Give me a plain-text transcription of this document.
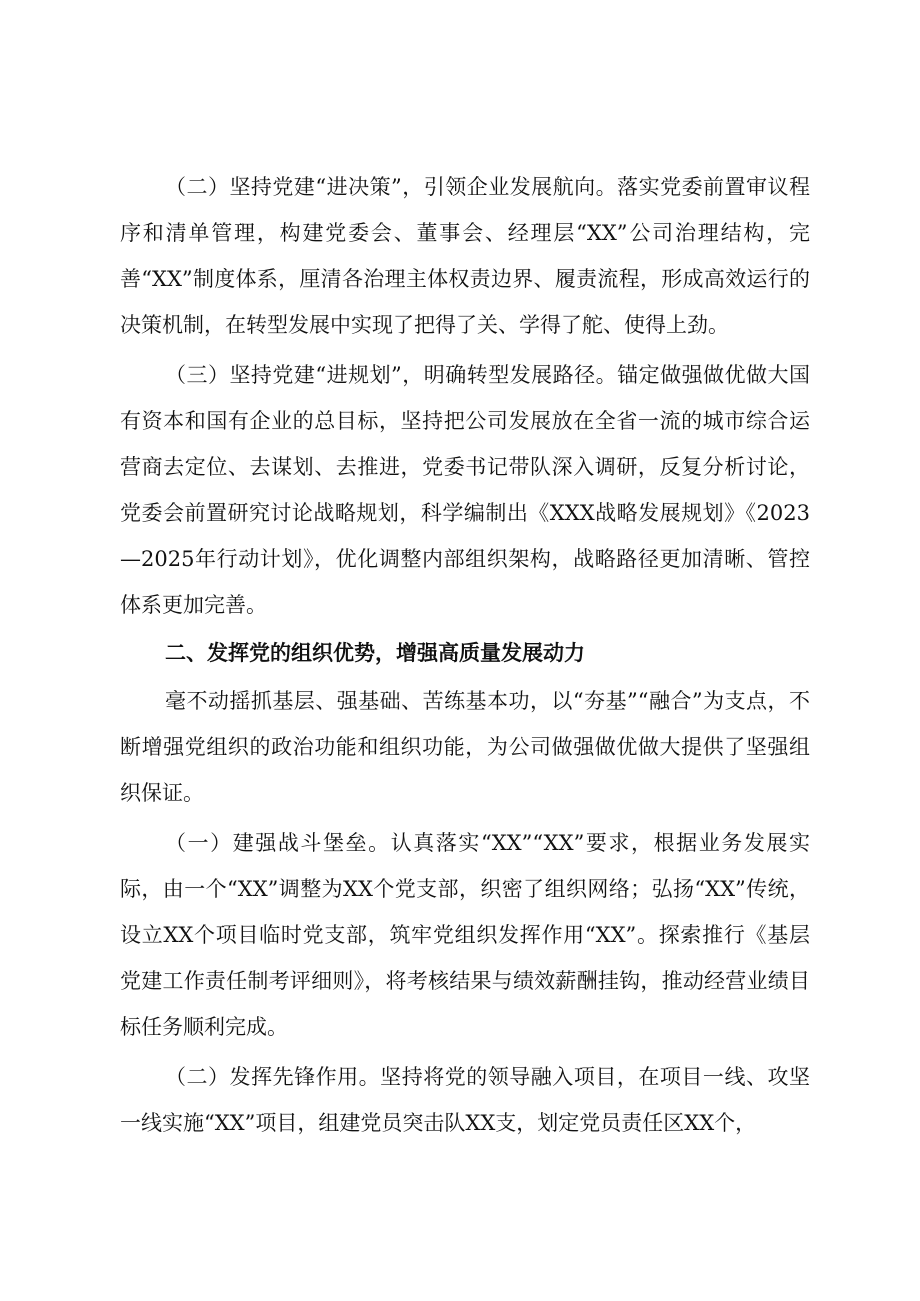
（二）坚持党建“进决策”，引领企业发展航向。落实党委前置审议程序和清单管理，构建党委会、董事会、经理层“XX”公司治理结构，完善“XX”制度体系，厘清各治理主体权责边界、履责流程，形成高效运行的决策机制，在转型发展中实现了把得了关、学得了舵、使得上劲。

（三）坚持党建“进规划”，明确转型发展路径。锚定做强做优做大国有资本和国有企业的总目标，坚持把公司发展放在全省一流的城市综合运营商去定位、去谋划、去推进，党委书记带队深入调研，反复分析讨论，党委会前置研究讨论战略规划，科学编制出《XXX战略发展规划》《2023—2025年行动计划》，优化调整内部组织架构，战略路径更加清晰、管控体系更加完善。

二、发挥党的组织优势，增强高质量发展动力

毫不动摇抓基层、强基础、苦练基本功，以“夯基”“融合”为支点，不断增强党组织的政治功能和组织功能，为公司做强做优做大提供了坚强组织保证。

（一）建强战斗堡垒。认真落实“XX”“XX”要求，根据业务发展实际，由一个“XX”调整为XX个党支部，织密了组织网络；弘扬“XX”传统，设立XX个项目临时党支部，筑牢党组织发挥作用“XX”。探索推行《基层党建工作责任制考评细则》，将考核结果与绩效薪酬挂钩，推动经营业绩目标任务顺利完成。

（二）发挥先锋作用。坚持将党的领导融入项目，在项目一线、攻坚一线实施“XX”项目，组建党员突击队XX支，划定党员责任区XX个，
